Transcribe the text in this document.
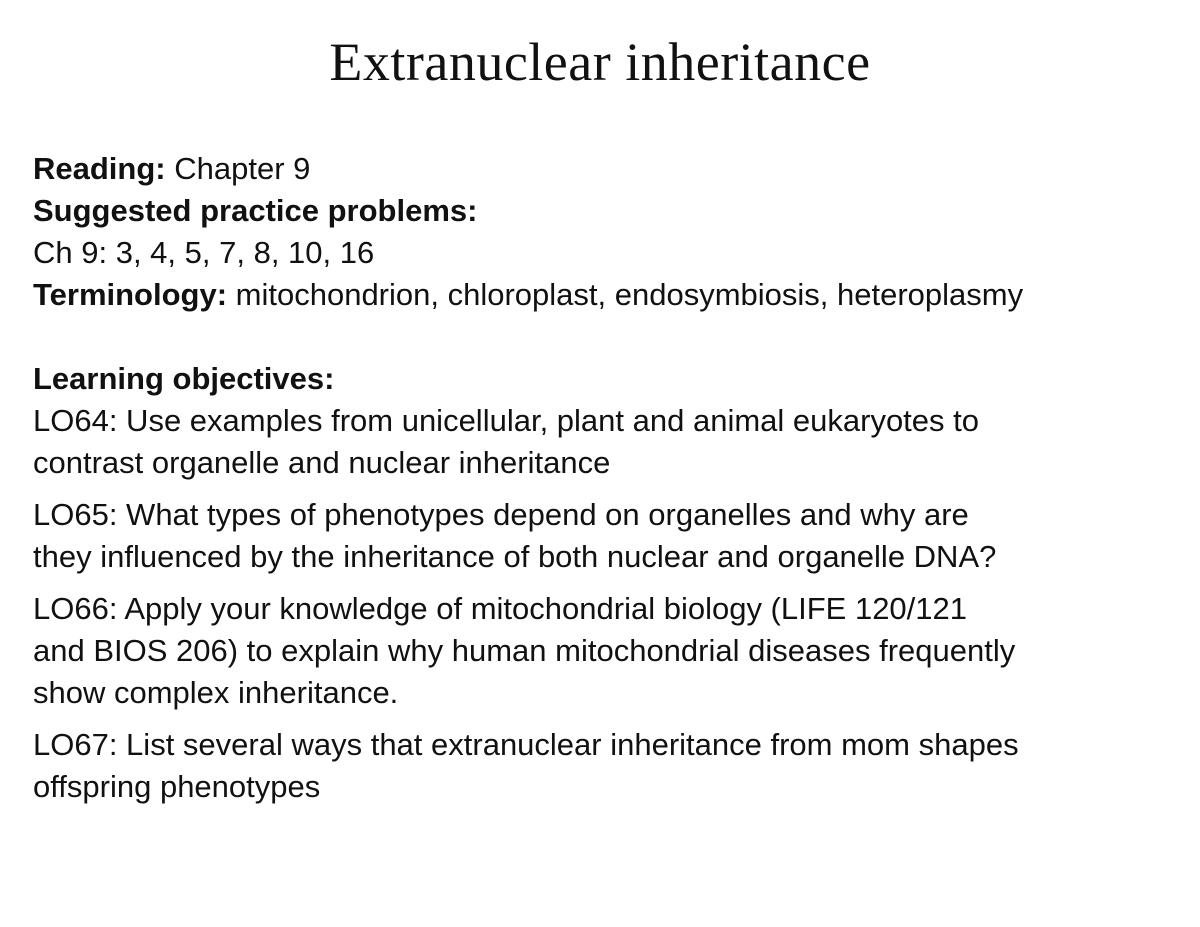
Extranuclear inheritance
Reading: Chapter 9
Suggested practice problems:
Ch 9: 3, 4, 5, 7, 8, 10, 16
Terminology: mitochondrion, chloroplast, endosymbiosis, heteroplasmy
Learning objectives:
LO64: Use examples from unicellular, plant and animal eukaryotes to
contrast organelle and nuclear inheritance
LO65: What types of phenotypes depend on organelles and why are
they influenced by the inheritance of both nuclear and organelle DNA?
LO66: Apply your knowledge of mitochondrial biology (LIFE 120/121
and BIOS 206) to explain why human mitochondrial diseases frequently
show complex inheritance.
LO67: List several ways that extranuclear inheritance from mom shapes
offspring phenotypes
